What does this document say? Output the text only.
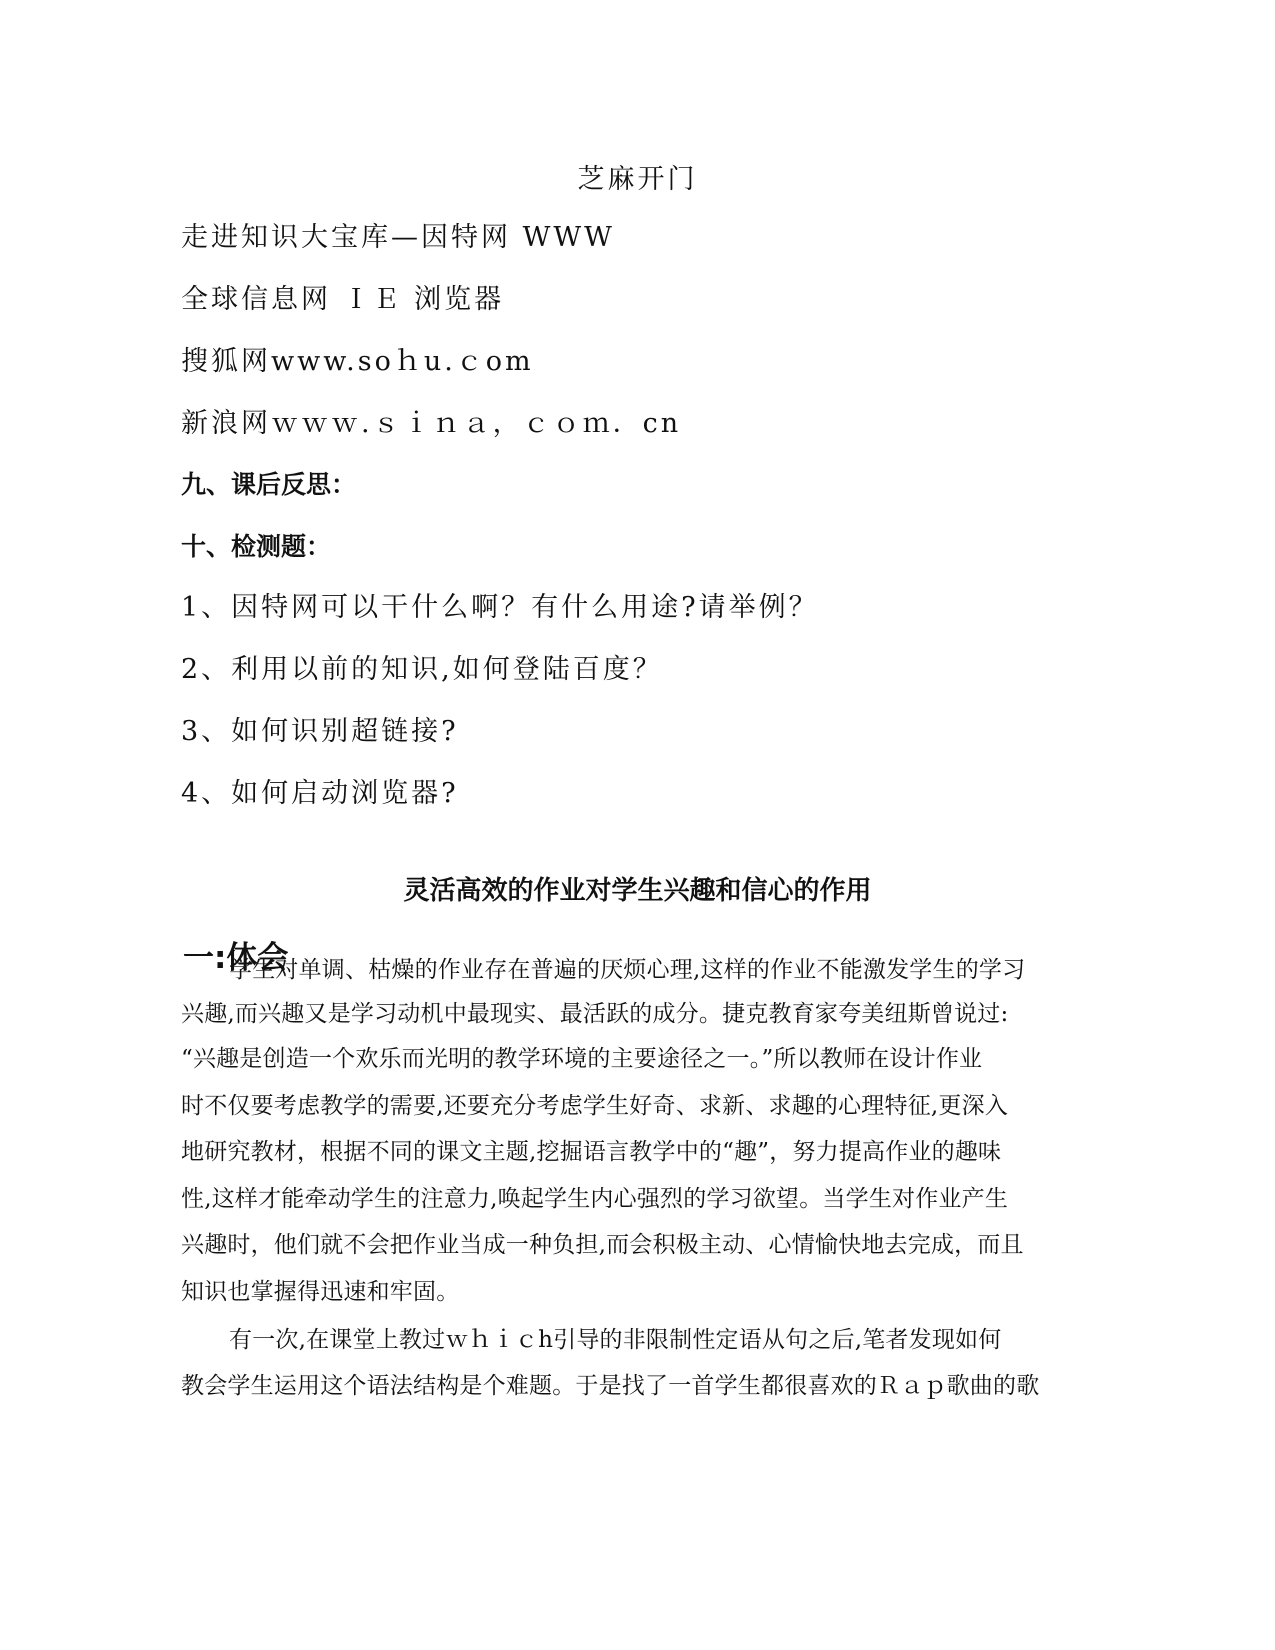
芝麻开门
走进知识大宝库—因特网 WWW
全球信息网 ＩＥ 浏览器
搜狐网www.soｈu.ｃom
新浪网ｗｗｗ.ｓｉｎａ，ｃｏｍ．cn
九、课后反思：
十、检测题：
1、因特网可以干什么啊？有什么用途?请举例？
2、利用以前的知识,如何登陆百度？
3、如何识别超链接?
4、如何启动浏览器?
灵活高效的作业对学生兴趣和信心的作用
一:体会
学生对单调、枯燥的作业存在普遍的厌烦心理,这样的作业不能激发学生的学习
兴趣,而兴趣又是学习动机中最现实、最活跃的成分。捷克教育家夸美纽斯曾说过:
“兴趣是创造一个欢乐而光明的教学环境的主要途径之一。”所以教师在设计作业
时不仅要考虑教学的需要,还要充分考虑学生好奇、求新、求趣的心理特征,更深入
地研究教材，根据不同的课文主题,挖掘语言教学中的“趣”，努力提高作业的趣味
性,这样才能牵动学生的注意力,唤起学生内心强烈的学习欲望。当学生对作业产生
兴趣时，他们就不会把作业当成一种负担,而会积极主动、心情愉快地去完成，而且
知识也掌握得迅速和牢固。
有一次,在课堂上教过ｗｈｉｃh引导的非限制性定语从句之后,笔者发现如何
教会学生运用这个语法结构是个难题。于是找了一首学生都很喜欢的Ｒａｐ歌曲的歌
